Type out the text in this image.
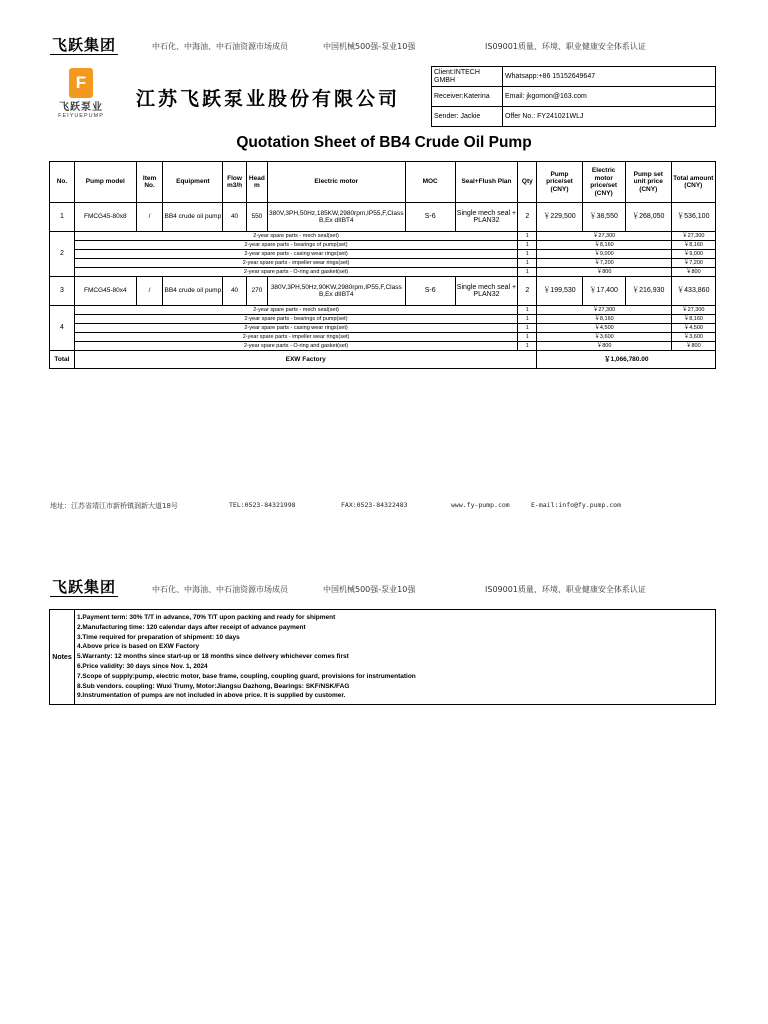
飞跃集团	中石化、中海油、中石油资源市场成员	中国机械500强-泵业10强	IS09001质量、环境、职业健康安全体系认证
F
飞跃泵业
FEIYUEPUMP
江苏飞跃泵业股份有限公司
Client:INTECH GMBH	Whatsapp:+86 15152649647
Receiver:Katerina	Email: jkgomon@163.com
Sender: Jackie	Offer No.: FY241021WLJ
Quotation Sheet of BB4 Crude Oil Pump
No.	Pump model	Item No.	Equipment	Flow m3/h	Head m	Electric motor	MOC	Seal+Flush Plan	Qty	Pump price/set (CNY)	Electric motor price/set (CNY)	Pump set unit price (CNY)	Total amount (CNY)
1	FMCG45-80x8	/	BB4 crude oil pump	40	550	380V,3PH,50Hz,185KW,2980rpm,IP55,F,Class B,Ex dIIBT4	S-6	Single mech seal + PLAN32	2	￥229,500	￥38,550	￥268,050	￥536,100
2	2-year spare parts - mech seal(set)								1	￥27,300			￥27,300
	2-year spare parts - bearings of pump(set)								1	￥8,160			￥8,160
	2-year spare parts - casing wear rings(set)								1	￥9,000			￥9,000
	2-year spare parts - impeller wear rings(set)								1	￥7,200			￥7,200
	2-year spare parts - O-ring and gasket(set)								1	￥800			￥800
3	FMCG45-80x4	/	BB4 crude oil pump	40	270	380V,3PH,50Hz,90KW,2980rpm,IP55,F,Class B,Ex dIIBT4	S-6	Single mech seal + PLAN32	2	￥199,530	￥17,400	￥216,930	￥433,860
4	2-year spare parts - mech seal(set)								1	￥27,300			￥27,300
	2-year spare parts - bearings of pump(set)								1	￥8,160			￥8,160
	2-year spare parts - casing wear rings(set)								1	￥4,500			￥4,500
	2-year spare parts - impeller wear rings(set)								1	￥3,600			￥3,600
	2-year spare parts - O-ring and gasket(set)								1	￥800			￥800
Total	EXW Factory									￥1,066,780.00			
地址：江苏省靖江市新桥镇润新大道18号	TEL:0523-84321998	FAX:0523-84322483	www.fy-pump.com	E-mail:info@fy.pump.com
飞跃集团	中石化、中海油、中石油资源市场成员	中国机械500强-泵业10强	IS09001质量、环境、职业健康安全体系认证
Notes	
1.Payment term: 30% T/T in advance, 70% T/T upon packing and ready for shipment
2.Manufacturing time: 120 calendar days after receipt of advance payment
3.Time required for preparation of shipment: 10 days
4.Above price is based on EXW Factory
5.Warranty: 12 months since start-up or 18 months since delivery whichever comes first
6.Price validity: 30 days since Nov. 1, 2024
7.Scope of supply:pump, electric motor, base frame, coupling, coupling guard, provisions for instrumentation
8.Sub vendors. coupling: Wuxi Trumy, Motor:Jiangsu Dazhong, Bearings: SKF/NSK/FAG
9.Instrumentation of pumps are not included in above price. It is supplied by customer.
